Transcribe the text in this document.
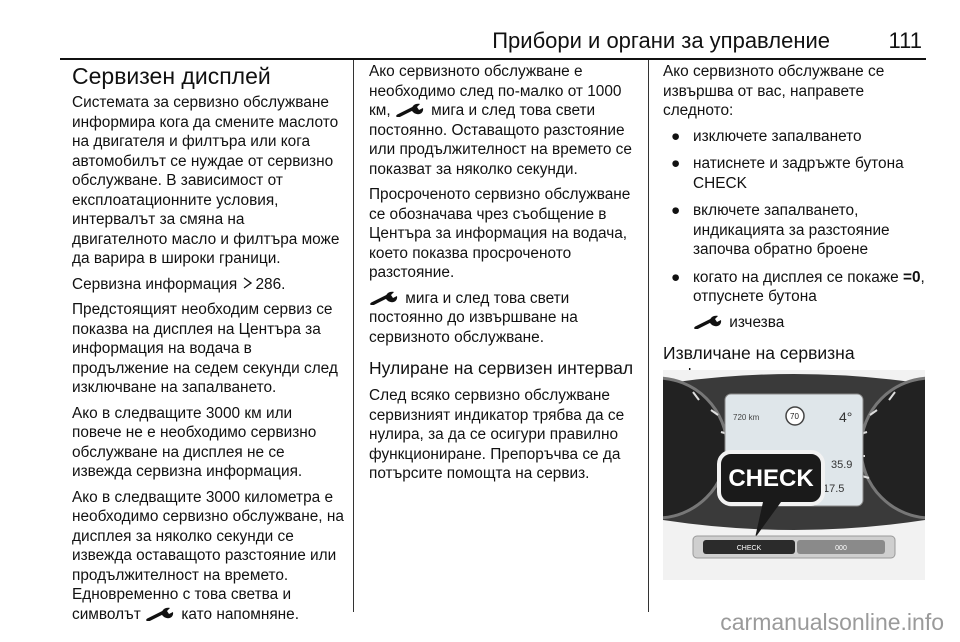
Прибори и органи за управление	111
Сервизен дисплей

Системата за сервизно обслужване информира кога да смените маслото на двигателя и филтъра или кога автомобилът се нуждае от сервизно обслужване. В зависимост от експлоатационните условия, интервалът за смяна на двигателното масло и филтъра може да варира в широки граници.

Сервизна информация 286.

Предстоящият необходим сервиз се показва на дисплея на Центъра за информация на водача в продължение на седем секунди след изключване на запалването.

Ако в следващите 3000 км или повече не е необходимо сервизно обслужване на дисплея не се извежда сервизна информация.

Ако в следващите 3000 километра е необходимо сервизно обслужване, на дисплея за няколко секунди се извежда оставащото разстояние или продължителност на времето. Едновременно с това светва и символът	като напомняне.

Ако сервизното обслужване е необходимо след по-малко от 1000 км,	мига и след това свети постоянно. Оставащото разстояние или продължителност на времето се показват за няколко секунди.

Просроченото сервизно обслужване се обозначава чрез съобщение в Центъра за информация на водача, което показва просроченото разстояние.

мига и след това свети постоянно до извършване на сервизното обслужване.

Нулиране на сервизен интервал

След всяко сервизно обслужване сервизният индикатор трябва да се нулира, за да се осигури правилно функциониране. Препоръчва се да потърсите помощта на сервиз.

Ако сервизното обслужване се извършва от вас, направете следното:

● изключете запалването
● натиснете и задръжте бутона CHECK
● включете запалването, индикацията за разстояние започва обратно броене
● когато на дисплея се покаже =0, отпуснете бутона
изчезва
Извличане на сервизна
720 km	70	4°
35.9
17.5
CHECK
CHECK	000
carmanualsonline.info
